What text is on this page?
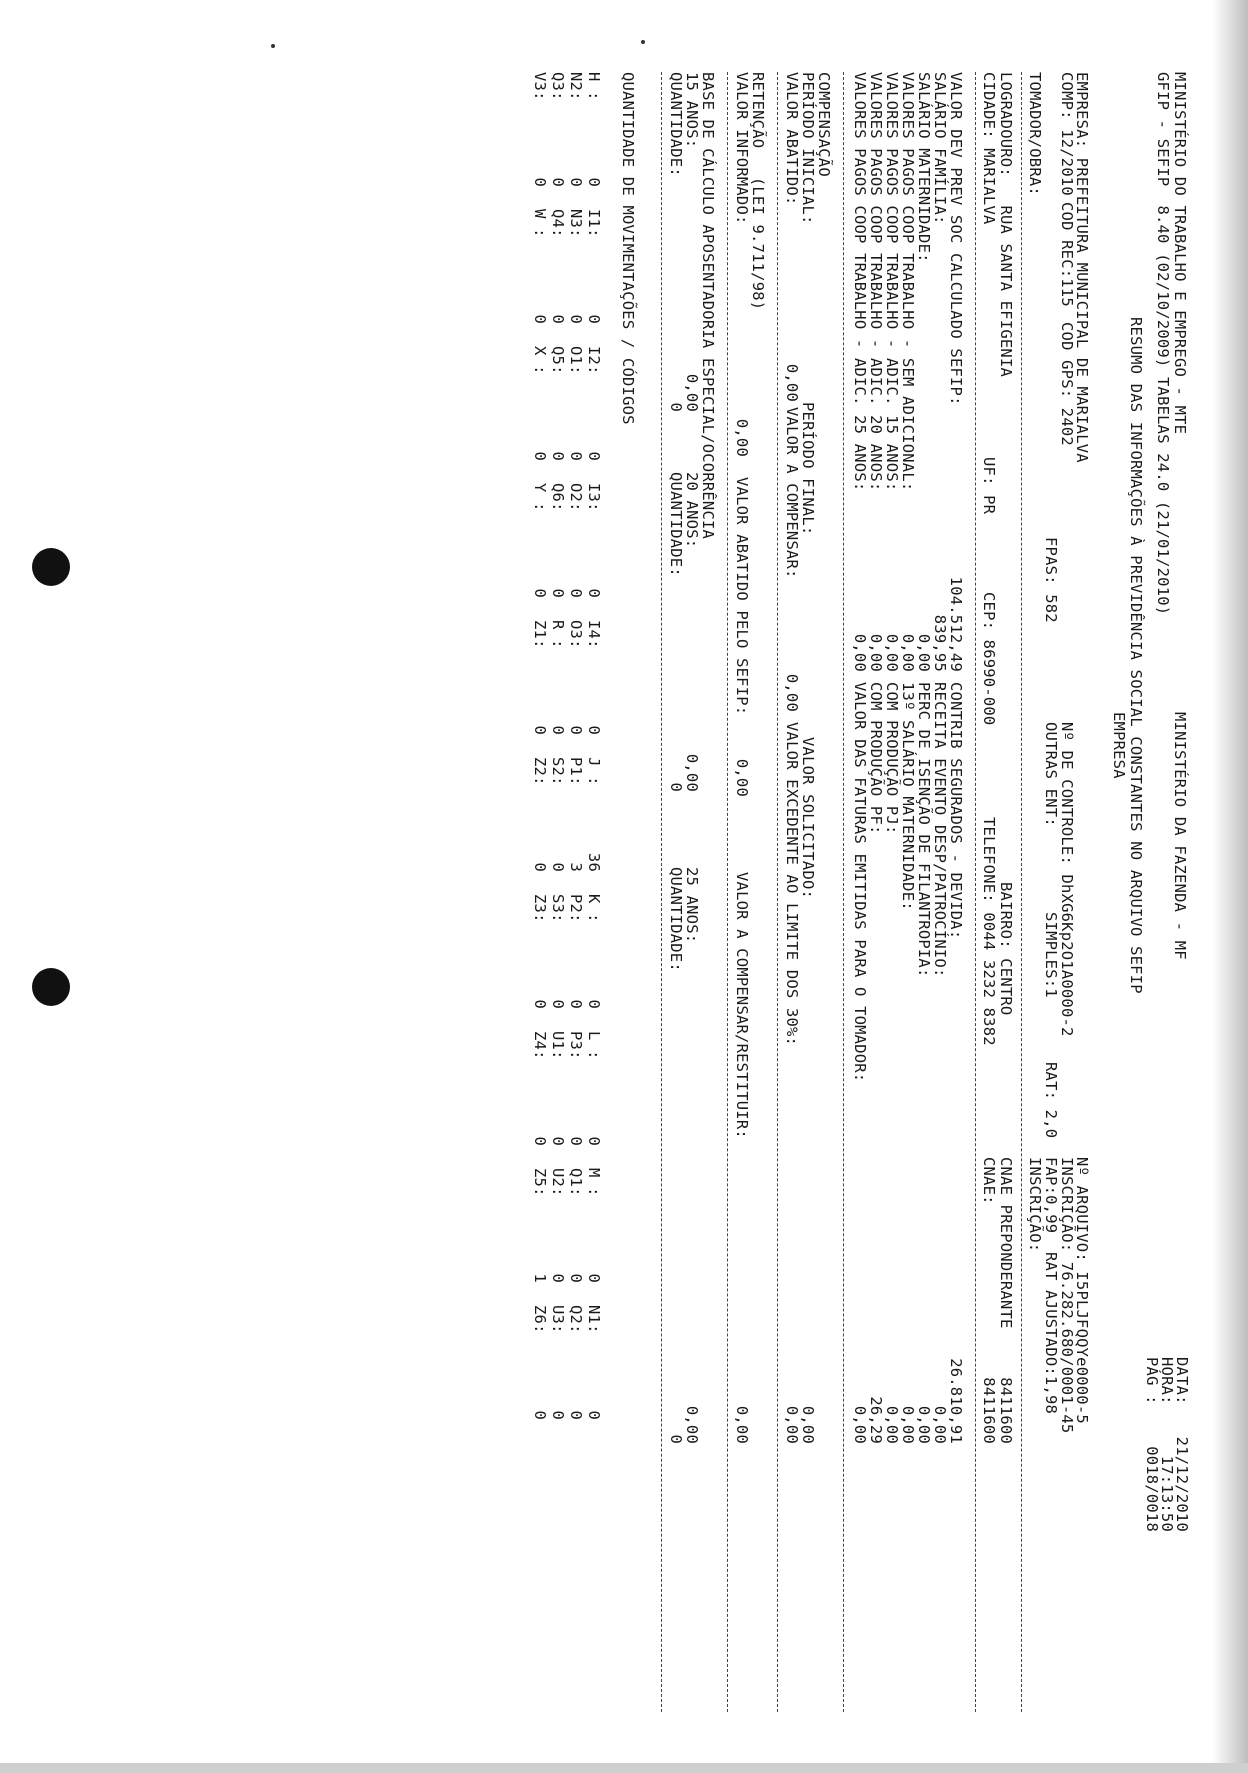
MINISTÉRIO DO TRABALHO E EMPREGO - MTE
MINISTÉRIO DA FAZENDA - MF
GFIP - SEFIP  8.40 (02/10/2009) TABELAS 24.0 (21/01/2010)
DATA:
21/12/2010
HORA:
17:13:50
PÁG :
0018/0018
RESUMO DAS INFORMAÇÕES À PREVIDÊNCIA SOCIAL CONSTANTES NO ARQUIVO SEFIP
EMPRESA
EMPRESA: PREFEITURA MUNICIPAL DE MARIALVA
Nº ARQUIVO: I5PLJFQQYe0000-5
COMP: 12/2010
COD REC:115
COD GPS: 2402
Nº DE CONTROLE: DhXG6Kp2O1A0000-2
INSCRIÇÃO: 76.282.680/0001-45
FPAS: 582
OUTRAS ENT:
SIMPLES:1
RAT: 2,0
FAP:0,99
RAT AJUSTADO:1,98
TOMADOR/OBRA:
INSCRIÇÃO:
LOGRADOURO:   RUA SANTA EFIGENIA
BAIRRO: CENTRO
CNAE PREPONDERANTE
8411600
CIDADE: MARIALVA
UF: PR
CEP: 86990-000
TELEFONE: 0044 3232 8382
CNAE:
8411600
VALOR DEV PREV SOC CALCULADO SEFIP:
104.512,49
CONTRIB SEGURADOS - DEVIDA:
26.810,91
SALÁRIO FAMÍLIA:
839,95
RECEITA EVENTO DESP/PATROCÍNIO:
0,00
SALÁRIO MATERNIDADE:
0,00
PERC DE ISENÇÃO DE FILANTROPIA:
0,00
VALORES PAGOS COOP TRABALHO - SEM ADICIONAL:
0,00
13º SALÁRIO MATERNIDADE:
0,00
VALORES PAGOS COOP TRABALHO - ADIC. 15 ANOS:
0,00
COM PRODUÇÃO PJ:
0,00
VALORES PAGOS COOP TRABALHO - ADIC. 20 ANOS:
0,00
COM PRODUÇÃO PF:
26,29
VALORES PAGOS COOP TRABALHO - ADIC. 25 ANOS:
0,00
VALOR DAS FATURAS EMITIDAS PARA O TOMADOR:
0,00
COMPENSAÇÃO
PERÍODO INICIAL:
PERÍODO FINAL:
VALOR SOLICITADO:
0,00
VALOR ABATIDO:
0,00
VALOR A COMPENSAR:
0,00
VALOR EXCEDENTE AO LIMITE DOS 30%:
0,00
RETENÇÃO   (LEI 9.711/98)
VALOR INFORMADO:
0,00
VALOR ABATIDO PELO SEFIP:
0,00
VALOR A COMPENSAR/RESTITUIR:
0,00
BASE DE CÁLCULO APOSENTADORIA ESPECIAL/OCORRÊNCIA
15 ANOS:
0,00
20 ANOS:
0,00
25 ANOS:
0,00
QUANTIDADE:
0
QUANTIDADE:
0
QUANTIDADE:
0
QUANTIDADE DE MOVIMENTAÇÕES / CÓDIGOS
H :
0
I1:
0
I2:
0
I3:
0
I4:
0
J :
36
K :
0
L :
0
M :
0
N1:
0
N2:
0
N3:
0
O1:
0
O2:
0
O3:
0
P1:
3
P2:
0
P3:
0
Q1:
0
Q2:
0
Q3:
0
Q4:
0
Q5:
0
Q6:
0
R :
0
S2:
0
S3:
0
U1:
0
U2:
0
U3:
0
V3:
0
W :
0
X :
0
Y :
0
Z1:
0
Z2:
0
Z3:
0
Z4:
0
Z5:
1
Z6:
0
